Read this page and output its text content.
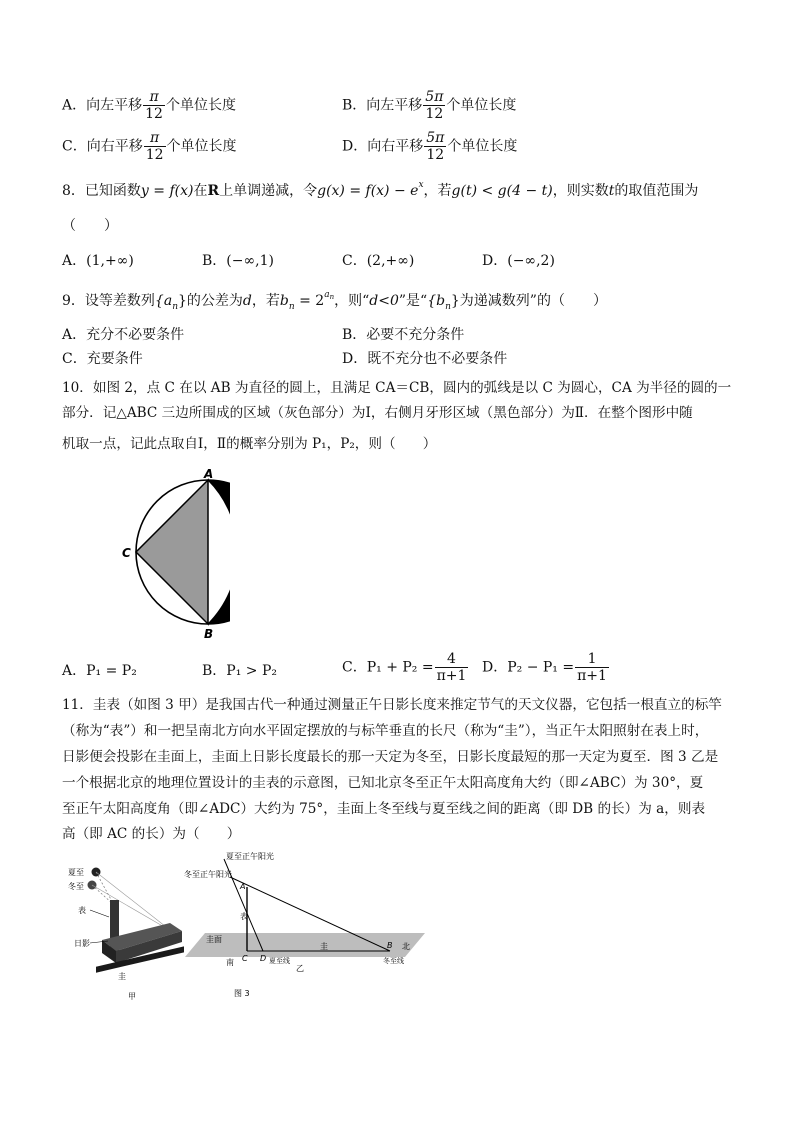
A．向左平移 $\frac{\pi}{12}$ 个单位长度	B．向左平移 $\frac{5\pi}{12}$ 个单位长度
C．向右平移 $\frac{\pi}{12}$ 个单位长度	D．向右平移 $\frac{5\pi}{12}$ 个单位长度
8．已知函数y = f(x)在R上单调递减，令$g(x) = f(x) - e^x$，若g(t) < g(4 − t)，则实数t的取值范围为
（　　）
A．(1,+∞)	B．(−∞,1)	C．(2,+∞)	D．(−∞,2)
9．设等差数列$\{a_n\}$的公差为d，若$b_n = 2^{an}$，则“d<0”是“$\{b_n\}$为递减数列”的（　　）
A．充分不必要条件	B．必要不充分条件
C．充要条件	D．既不充分也不必要条件
10．如图 2，点 C 在以 AB 为直径的圆上，且满足 CA＝CB，圆内的弧线是以 C 为圆心，CA 为半径的圆的一
部分．记△ABC 三边所围成的区域（灰色部分）为Ⅰ，右侧月牙形区域（黑色部分）为Ⅱ．在整个图形中随
机取一点，记此点取自Ⅰ，Ⅱ的概率分别为 P₁，P₂，则（　　）
A
B
C
A．P₁ = P₂	B．P₁ > P₂	C．$P_1 + P_2 = \frac{4}{\pi+1}$ D．$P_2 - P_1 = \frac{1}{\pi+1}$
11．圭表（如图 3 甲）是我国古代一种通过测量正午日影长度来推定节气的天文仪器，它包括一根直立的标竿
（称为“表”）和一把呈南北方向水平固定摆放的与标竿垂直的长尺（称为“圭”），当正午太阳照射在表上时，
日影便会投影在圭面上，圭面上日影长度最长的那一天定为冬至，日影长度最短的那一天定为夏至．图 3 乙是
一个根据北京的地理位置设计的圭表的示意图，已知北京冬至正午太阳高度角大约（即∠ABC）为 30°，夏
至正午太阳高度角（即∠ADC）大约为 75°，圭面上冬至线与夏至线之间的距离（即 DB 的长）为 a，则表
高（即 AC 的长）为（　　）
夏至
冬至
表
日影
圭
甲
夏至正午阳光
冬至正午阳光
A
表
圭面
C D
圭	B 北
南	夏至线	冬至线
乙
图 3
